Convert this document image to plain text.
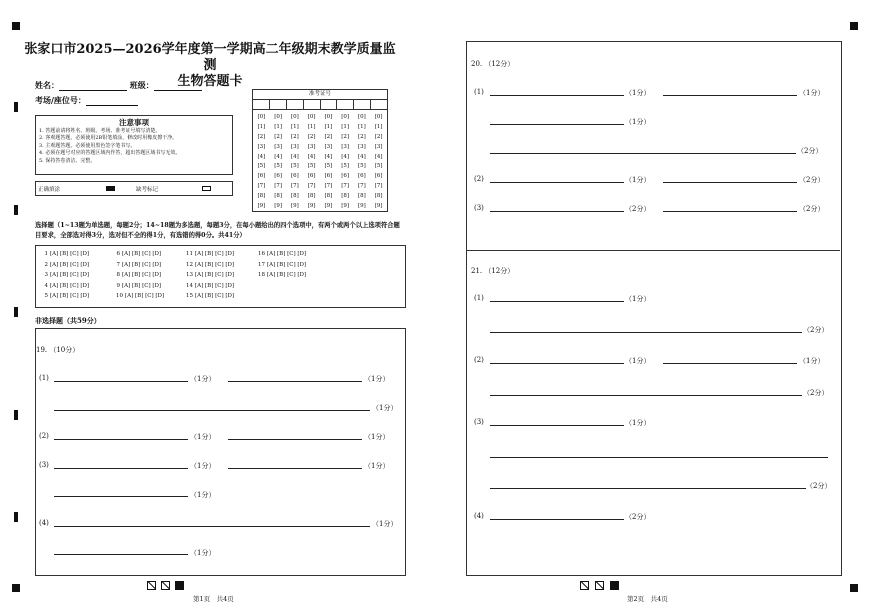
张家口市2025—2026学年度第一学期高二年级期末教学质量监测
生物答题卡
姓名：	班级：
考场/座位号：
注意事项
1. 答题前请将姓名、班级、考场、准考证号填写清楚。
2. 客观题答题，必须使用2B铅笔填涂，修改时用橡皮擦干净。
3. 主观题答题，必须使用黑色签字笔书写。
4. 必须在题号对应的答题区域内作答，超出答题区域书写无效。
5. 保持答卷清洁、完整。
正确填涂	缺考标记
准考证号
[0]	[0]	[0]	[0]	[0]	[0]	[0]	[0]
[1]	[1]	[1]	[1]	[1]	[1]	[1]	[1]
[2]	[2]	[2]	[2]	[2]	[2]	[2]	[2]
[3]	[3]	[3]	[3]	[3]	[3]	[3]	[3]
[4]	[4]	[4]	[4]	[4]	[4]	[4]	[4]
[5]	[5]	[5]	[5]	[5]	[5]	[5]	[5]
[6]	[6]	[6]	[6]	[6]	[6]	[6]	[6]
[7]	[7]	[7]	[7]	[7]	[7]	[7]	[7]
[8]	[8]	[8]	[8]	[8]	[8]	[8]	[8]
[9]	[9]	[9]	[9]	[9]	[9]	[9]	[9]
选择题（1~13题为单选题，每题2分；14~18题为多选题，每题3分，在每小题给出的四个选项中，有两个或两个以上选项符合题目要求，全部选对得3分，选对但不全的得1分，有选错的得0分。共41分）
1 [A] [B] [C] [D]
2 [A] [B] [C] [D]
3 [A] [B] [C] [D]
4 [A] [B] [C] [D]
5 [A] [B] [C] [D]
6 [A] [B] [C] [D]
7 [A] [B] [C] [D]
8 [A] [B] [C] [D]
9 [A] [B] [C] [D]
10 [A] [B] [C] [D]
11 [A] [B] [C] [D]
12 [A] [B] [C] [D]
13 [A] [B] [C] [D]
14 [A] [B] [C] [D]
15 [A] [B] [C] [D]
16 [A] [B] [C] [D]
17 [A] [B] [C] [D]
18 [A] [B] [C] [D]
非选择题（共59分）
19. （10分）
(1)	（1分）	（1分）
（1分）
(2)	（1分）	（1分）
(3)	（1分）	（1分）
（1分）
(4)	（1分）
（1分）
20. （12分）
(1)	（1分）	（1分）
（1分）
（2分）
(2)	（1分）	（2分）
(3)	（2分）	（2分）
21. （12分）
(1)	（1分）
（2分）
(2)	（1分）	（1分）
（2分）
(3)	（1分）
（2分）
(4)	（2分）
第1页　共4页	第2页　共4页
